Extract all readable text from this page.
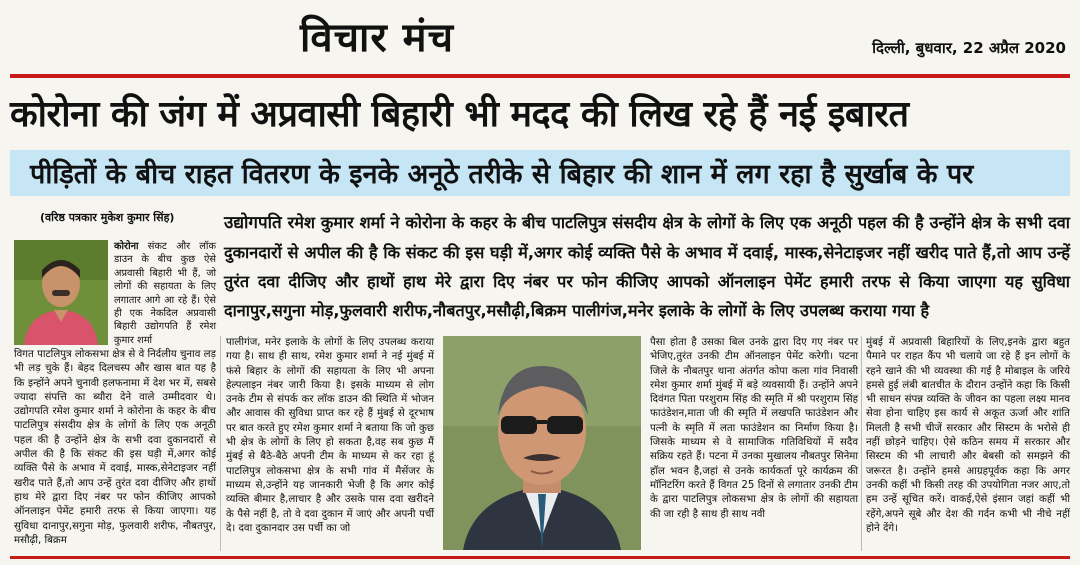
विचार मंच	दिल्ली, बुधवार, 22 अप्रैल 2020
कोरोना की जंग में अप्रवासी बिहारी भी मदद की लिख रहे हैं नई इबारत
पीड़ितों के बीच राहत वितरण के इनके अनूठे तरीके से बिहार की शान में लग रहा है सुर्खाब के पर
(वरिष्ठ पत्रकार मुकेश कुमार सिंह)	उद्योगपति रमेश कुमार शर्मा ने कोरोना के कहर के बीच पाटलिपुत्र संसदीय क्षेत्र के लोगों के लिए एक अनूठी पहल की है उन्होंने क्षेत्र के सभी दवा दुकानदारों से अपील की है कि संकट की इस घड़ी में,अगर कोई व्यक्ति पैसे के अभाव में दवाई, मास्क,सेनेटाइजर नहीं खरीद पाते हैं,तो आप उन्हें तुरंत दवा दीजिए और हाथों हाथ मेरे द्वारा दिए नंबर पर फोन कीजिए आपको ऑनलाइन पेमेंट हमारी तरफ से किया जाएगा यह सुविधा दानापुर,सगुना मोड़,फुलवारी शरीफ,नौबतपुर,मसौढ़ी,बिक्रम पालीगंज,मनेर इलाके के लोगों के लिए उपलब्ध कराया गया है
कोरोना संकट और लॉक डाउन के बीच कुछ ऐसे अप्रवासी बिहारी भी हैं, जो लोगों की सहायता के लिए लगातार आगे आ रहे हैं। ऐसे ही एक नेकदिल अप्रवासी बिहारी उद्योगपति हैं रमेश कुमार शर्मा
विगत पाटलिपुत्र लोकसभा क्षेत्र से वे निर्दलीय चुनाव लड़ भी लड़ चुके हैं। बेहद दिलचस्प और खास बात यह है कि इन्होंने अपने चुनावी हलफनामा में देश भर में, सबसे ज्यादा संपत्ति का ब्यौरा देने वाले उम्मीदवार थे। उद्योगपति रमेश कुमार शर्मा ने कोरोना के कहर के बीच पाटलिपुत्र संसदीय क्षेत्र के लोगों के लिए एक अनूठी पहल की है उन्होंने क्षेत्र के सभी दवा दुकानदारों से अपील की है कि संकट की इस घड़ी में,अगर कोई व्यक्ति पैसे के अभाव में दवाई, मास्क,सेनेटाइजर नहीं खरीद पाते हैं,तो आप उन्हें तुरंत दवा दीजिए और हाथों हाथ मेरे द्वारा दिए नंबर पर फोन कीजिए आपको ऑनलाइन पेमेंट हमारी तरफ से किया जाएगा। यह सुविधा दानापुर,सगुना मोड़, फुलवारी शरीफ, नौबतपुर, मसौढ़ी, बिक्रम
पालीगंज, मनेर इलाके के लोगों के लिए उपलब्ध कराया गया है। साथ ही साथ, रमेश कुमार शर्मा ने नई मुंबई में फंसे बिहार के लोगों की सहायता के लिए भी अपना हेल्पलाइन नंबर जारी किया है। इसके माध्यम से लोग उनके टीम से संपर्क कर लॉक डाउन की स्थिति में भोजन और आवास की सुविधा प्राप्त कर रहे हैं मुंबई से दूरभाष पर बात करते हुए रमेश कुमार शर्मा ने बताया कि जो कुछ भी क्षेत्र के लोगों के लिए हो सकता है,वह सब कुछ मैं मुंबई से बैठे-बैठे अपनी टीम के माध्यम से कर रहा हूं पाटलिपुत्र लोकसभा क्षेत्र के सभी गांव में मैसेंजर के माध्यम से,उन्होंने यह जानकारी भेजी है कि अगर कोई व्यक्ति बीमार है,लाचार है और उसके पास दवा खरीदने के पैसे नहीं है, तो वे दवा दुकान में जाएं और अपनी पर्ची दे। दवा दुकानदार उस पर्ची का जो
पैसा होता है उसका बिल उनके द्वारा दिए गए नंबर पर भेजिए,तुरंत उनकी टीम ऑनलाइन पेमेंट करेगी। पटना जिले के नौबतपुर थाना अंतर्गत कोपा कला गांव निवासी रमेश कुमार शर्मा मुंबई में बड़े व्यवसायी हैं। उन्होंने अपने दिवंगत पिता परशुराम सिंह की स्मृति में श्री परशुराम सिंह फाउंडेशन,माता जी की स्मृति में लखपति फाउंडेशन और पत्नी के स्मृति में लता फाउंडेशन का निर्माण किया है। जिसके माध्यम से वे सामाजिक गतिविधियों में सदैव सक्रिय रहते हैं। पटना में उनका मुखालय नौबतपुर सिनेमा हॉल भवन है,जहां से उनके कार्यकर्ता पूरे कार्यक्रम की मॉनिटरिंग करते हैं विगत 25 दिनों से लगातार उनकी टीम के द्वारा पाटलिपुत्र लोकसभा क्षेत्र के लोगों की सहायता की जा रही है साथ ही साथ नवी
मुंबई में अप्रवासी बिहारियों के लिए,इनके द्वारा बहुत पैमाने पर राहत कैंप भी चलाये जा रहे हैं इन लोगों के रहने खाने की भी व्यवस्था की गई है मोबाइल के जरिये हमसे हुई लंबी बातचीत के दौरान उन्होंने कहा कि किसी भी साधन संपन्न व्यक्ति के जीवन का पहला लक्ष्य मानव सेवा होना चाहिए इस कार्य से अकूत ऊर्जा और शांति मिलती है सभी चीजें सरकार और सिस्टम के भरोसे ही नहीं छोड़ने चाहिए। ऐसे कठिन समय में सरकार और सिस्टम की भी लाचारी और बेबसी को समझने की जरूरत है। उन्होंने हमसे आग्रहपूर्वक कहा कि अगर उनकी कहीं भी किसी तरह की उपयोगिता नजर आए,तो हम उन्हें सूचित करें। वाकई,ऐसे इंसान जहां कहीं भी रहेंगे,अपने सूबे और देश की गर्दन कभी भी नीचे नहीं होने देंगे।
